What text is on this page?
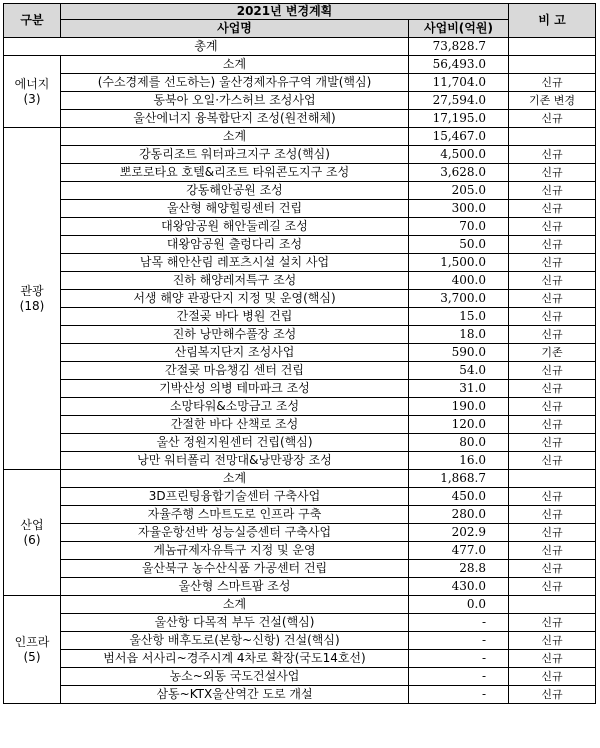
구분	2021년 변경계획		비 고
	사업명	사업비(억원)	
총계		73,828.7	

에너지
(3)	소계	56,493.0	
	(수소경제를 선도하는) 울산경제자유구역 개발(핵심)	11,704.0	신규
	동북아 오일·가스허브 조성사업	27,594.0	기존 변경
	울산에너지 융복합단지 조성(원전해체)	17,195.0	신규

관광
(18)	소계	15,467.0	
	강동리조트 워터파크지구 조성(핵심)	4,500.0	신규
	뽀로로타요 호텔&리조트 타워콘도지구 조성	3,628.0	신규
	강동해안공원 조성	205.0	신규
	울산형 해양힐링센터 건립	300.0	신규
	대왕암공원 해안둘레길 조성	70.0	신규
	대왕암공원 출렁다리 조성	50.0	신규
	남목 해안산림 레포츠시설 설치 사업	1,500.0	신규
	진하 해양레저특구 조성	400.0	신규
	서생 해양 관광단지 지정 및 운영(핵심)	3,700.0	신규
	간절곶 바다 병원 건립	15.0	신규
	진하 낭만해수풀장 조성	18.0	신규
	산림복지단지 조성사업	590.0	기존
	간절곶 마음챙김 센터 건립	54.0	신규
	기박산성 의병 테마파크 조성	31.0	신규
	소망타워&소망금고 조성	190.0	신규
	간절한 바다 산책로 조성	120.0	신규
	울산 정원지원센터 건립(핵심)	80.0	신규
	낭만 워터폴리 전망대&낭만광장 조성	16.0	신규

산업
(6)	소계	1,868.7	
	3D프린팅융합기술센터 구축사업	450.0	신규
	자율주행 스마트도로 인프라 구축	280.0	신규
	자율운항선박 성능실증센터 구축사업	202.9	신규
	게놈규제자유특구 지정 및 운영	477.0	신규
	울산북구 농수산식품 가공센터 건립	28.8	신규
	울산형 스마트팜 조성	430.0	신규

인프라
(5)	소계	0.0	
	울산항 다목적 부두 건설(핵심)	-	신규
	울산항 배후도로(본항~신항) 건설(핵심)	-	신규
	범서읍 서사리~경주시계 4차로 확장(국도14호선)	-	신규
	농소~외동 국도건설사업	-	신규
	삼동~KTX울산역간 도로 개설	-	신규
